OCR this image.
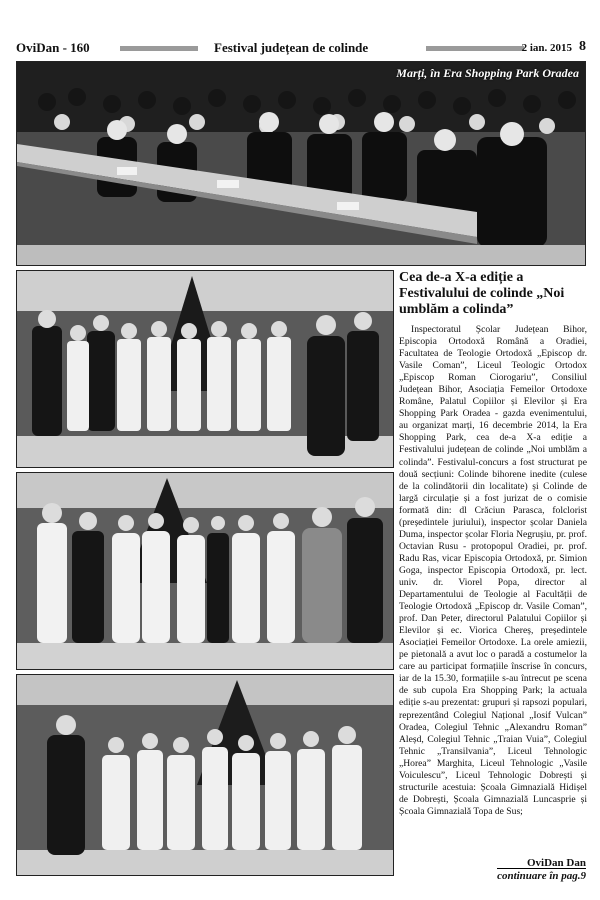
OviDan - 160	Festival județean de colinde	2 ian. 2015 8
Marți, în Era Shopping Park Oradea
Cea de-a X-a ediție a Festivalului de colinde „Noi umblăm a colinda”

Inspectoratul Școlar Județean Bihor, Episcopia Ortodoxă Română a Oradiei, Facultatea de Teologie Ortodoxă „Episcop dr. Vasile Coman”, Liceul Teologic Ortodox „Episcop Roman Ciorogariu”, Consiliul Județean Bihor, Asociația Femeilor Ortodoxe Române, Palatul Copiilor și Elevilor și Era Shopping Park Oradea - gazda evenimentului, au organizat marți, 16 decembrie 2014, la Era Shopping Park, cea de-a X-a ediție a Festivalului județean de colinde „Noi umblăm a colinda”. Festivalul-concurs a fost structurat pe două secțiuni: Colinde bihorene inedite (culese de la colindătorii din localitate) și Colinde de largă circulație și a fost jurizat de o comisie formată din: dl Crăciun Parasca, folclorist (președintele juriului), inspector școlar Daniela Duma, inspector școlar Floria Negrușiu, pr. prof. Octavian Rusu - protopopul Oradiei, pr. prof. Radu Ras, vicar Episcopia Ortodoxă, pr. Simion Goga, inspector Episcopia Ortodoxă, pr. lect. univ. dr. Viorel Popa, director al Departamentului de Teologie al Facultății de Teologie Ortodoxă „Episcop dr. Vasile Coman”, prof. Dan Peter, directorul Palatului Copiilor și Elevilor și ec. Viorica Chereș, președintele Asociației Femeilor Ortodoxe. La orele amiezii, pe pietonală a avut loc o paradă a costumelor la care au participat formațiile înscrise în concurs, iar de la 15.30, formațiile s-au întrecut pe scena de sub cupola Era Shopping Park; la actuala ediție s-au prezentat: grupuri și rapsozi populari, reprezentând Colegiul Național „Iosif Vulcan” Oradea, Colegiul Tehnic „Alexandru Roman” Aleșd, Colegiul Tehnic „Traian Vuia”, Colegiul Tehnic „Transilvania”, Liceul Tehnologic „Horea” Marghita, Liceul Tehnologic „Vasile Voiculescu”, Liceul Tehnologic Dobrești și structurile acestuia: Școala Gimnazială Hidișel de Dobrești, Școala Gimnazială Luncasprie și Școala Gimnazială Topa de Sus;

OviDan Dan
continuare în pag.9
